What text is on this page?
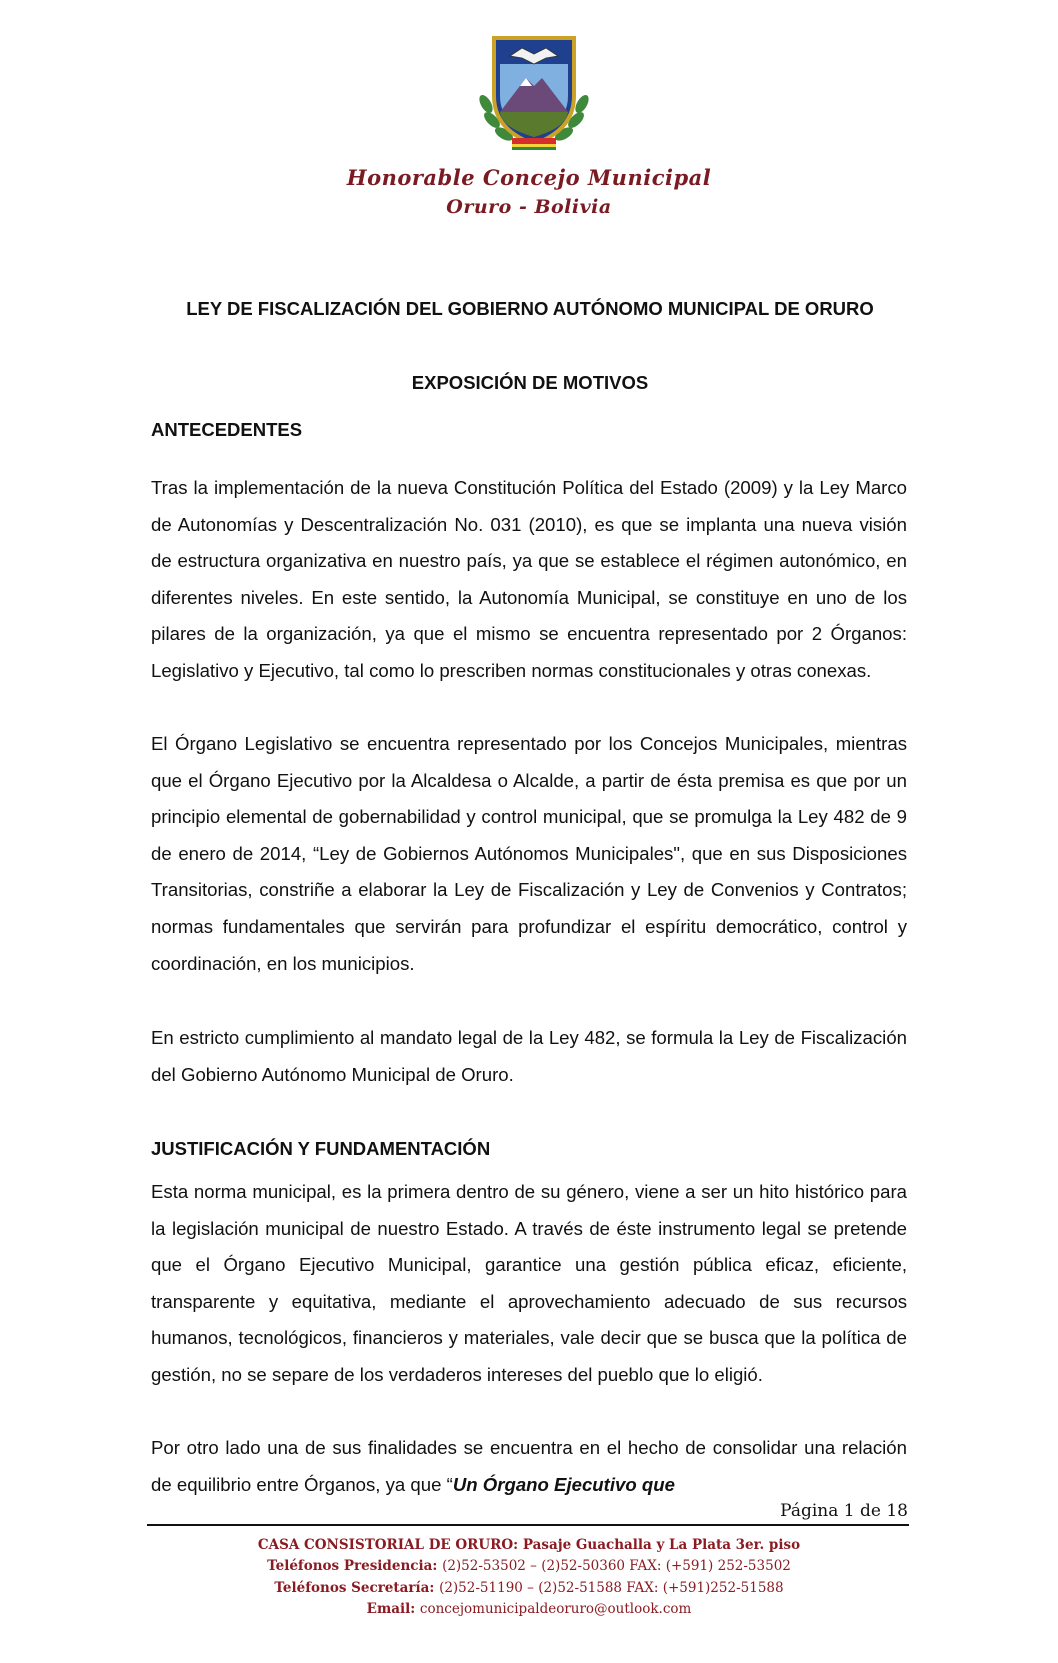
Honorable Concejo Municipal
Oruro - Bolivia
LEY DE FISCALIZACIÓN DEL GOBIERNO AUTÓNOMO MUNICIPAL DE ORURO
EXPOSICIÓN DE MOTIVOS
ANTECEDENTES

Tras la implementación de la nueva Constitución Política del Estado (2009) y la Ley Marco de Autonomías y Descentralización No. 031 (2010), es que se implanta una nueva visión de estructura organizativa en nuestro país, ya que se establece el régimen autonómico, en diferentes niveles. En este sentido, la Autonomía Municipal, se constituye en uno de los pilares de la organización, ya que el mismo se encuentra representado por 2 Órganos: Legislativo y Ejecutivo, tal como lo prescriben normas constitucionales y otras conexas.

El Órgano Legislativo se encuentra representado por los Concejos Municipales, mientras que el Órgano Ejecutivo por la Alcaldesa o Alcalde, a partir de ésta premisa es que por un principio elemental de gobernabilidad y control municipal, que se promulga la Ley 482 de 9 de enero de 2014, “Ley de Gobiernos Autónomos Municipales", que en sus Disposiciones Transitorias, constriñe a elaborar la Ley de Fiscalización y Ley de Convenios y Contratos; normas fundamentales que servirán para profundizar el espíritu democrático, control y coordinación, en los municipios.

En estricto cumplimiento al mandato legal de la Ley 482, se formula la Ley de Fiscalización del Gobierno Autónomo Municipal de Oruro.

JUSTIFICACIÓN Y FUNDAMENTACIÓN

Esta norma municipal, es la primera dentro de su género, viene a ser un hito histórico para la legislación municipal de nuestro Estado. A través de éste instrumento legal se pretende que el Órgano Ejecutivo Municipal, garantice una gestión pública eficaz, eficiente, transparente y equitativa, mediante el aprovechamiento adecuado de sus recursos humanos, tecnológicos, financieros y materiales, vale decir que se busca que la política de gestión, no se separe de los verdaderos intereses del pueblo que lo eligió.

Por otro lado una de sus finalidades se encuentra en el hecho de consolidar una relación de equilibrio entre Órganos, ya que “Un Órgano Ejecutivo que

Página 1 de 18
CASA CONSISTORIAL DE ORURO: Pasaje Guachalla y La Plata 3er. piso
Teléfonos Presidencia: (2)52-53502 – (2)52-50360 FAX: (+591) 252-53502
Teléfonos Secretaría: (2)52-51190 – (2)52-51588 FAX: (+591)252-51588
Email: concejomunicipaldeoruro@outlook.com
